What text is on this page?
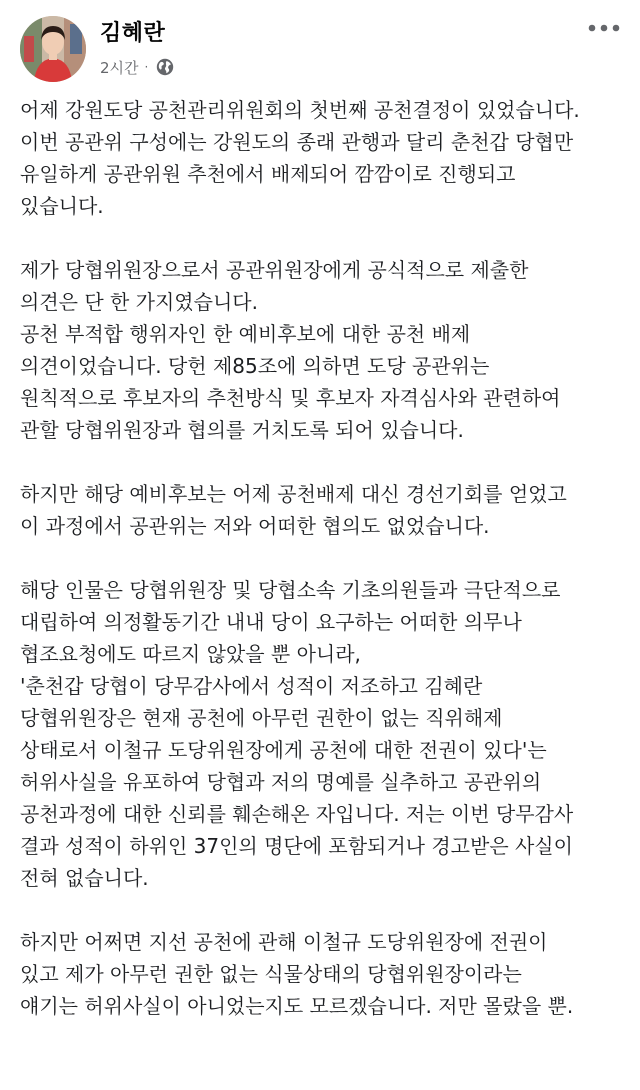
김혜란
2시간 ·
어제 강원도당 공천관리위원회의 첫번째 공천결정이 있었습니다.
이번 공관위 구성에는 강원도의 종래 관행과 달리 춘천갑 당협만
유일하게 공관위원 추천에서 배제되어 깜깜이로 진행되고
있습니다.
제가 당협위원장으로서 공관위원장에게 공식적으로 제출한
의견은 단 한 가지였습니다.
공천 부적합 행위자인 한 예비후보에 대한 공천 배제
의견이었습니다. 당헌 제85조에 의하면 도당 공관위는
원칙적으로 후보자의 추천방식 및 후보자 자격심사와 관련하여
관할 당협위원장과 협의를 거치도록 되어 있습니다.
하지만 해당 예비후보는 어제 공천배제 대신 경선기회를 얻었고
이 과정에서 공관위는 저와 어떠한 협의도 없었습니다.
해당 인물은 당협위원장 및 당협소속 기초의원들과 극단적으로
대립하여 의정활동기간 내내 당이 요구하는 어떠한 의무나
협조요청에도 따르지 않았을 뿐 아니라,
'춘천갑 당협이 당무감사에서 성적이 저조하고 김혜란
당협위원장은 현재 공천에 아무런 권한이 없는 직위해제
상태로서 이철규 도당위원장에게 공천에 대한 전권이 있다'는
허위사실을 유포하여 당협과 저의 명예를 실추하고 공관위의
공천과정에 대한 신뢰를 훼손해온 자입니다. 저는 이번 당무감사
결과 성적이 하위인 37인의 명단에 포함되거나 경고받은 사실이
전혀 없습니다.
하지만 어쩌면 지선 공천에 관해 이철규 도당위원장에 전권이
있고 제가 아무런 권한 없는 식물상태의 당협위원장이라는
얘기는 허위사실이 아니었는지도 모르겠습니다. 저만 몰랐을 뿐.
